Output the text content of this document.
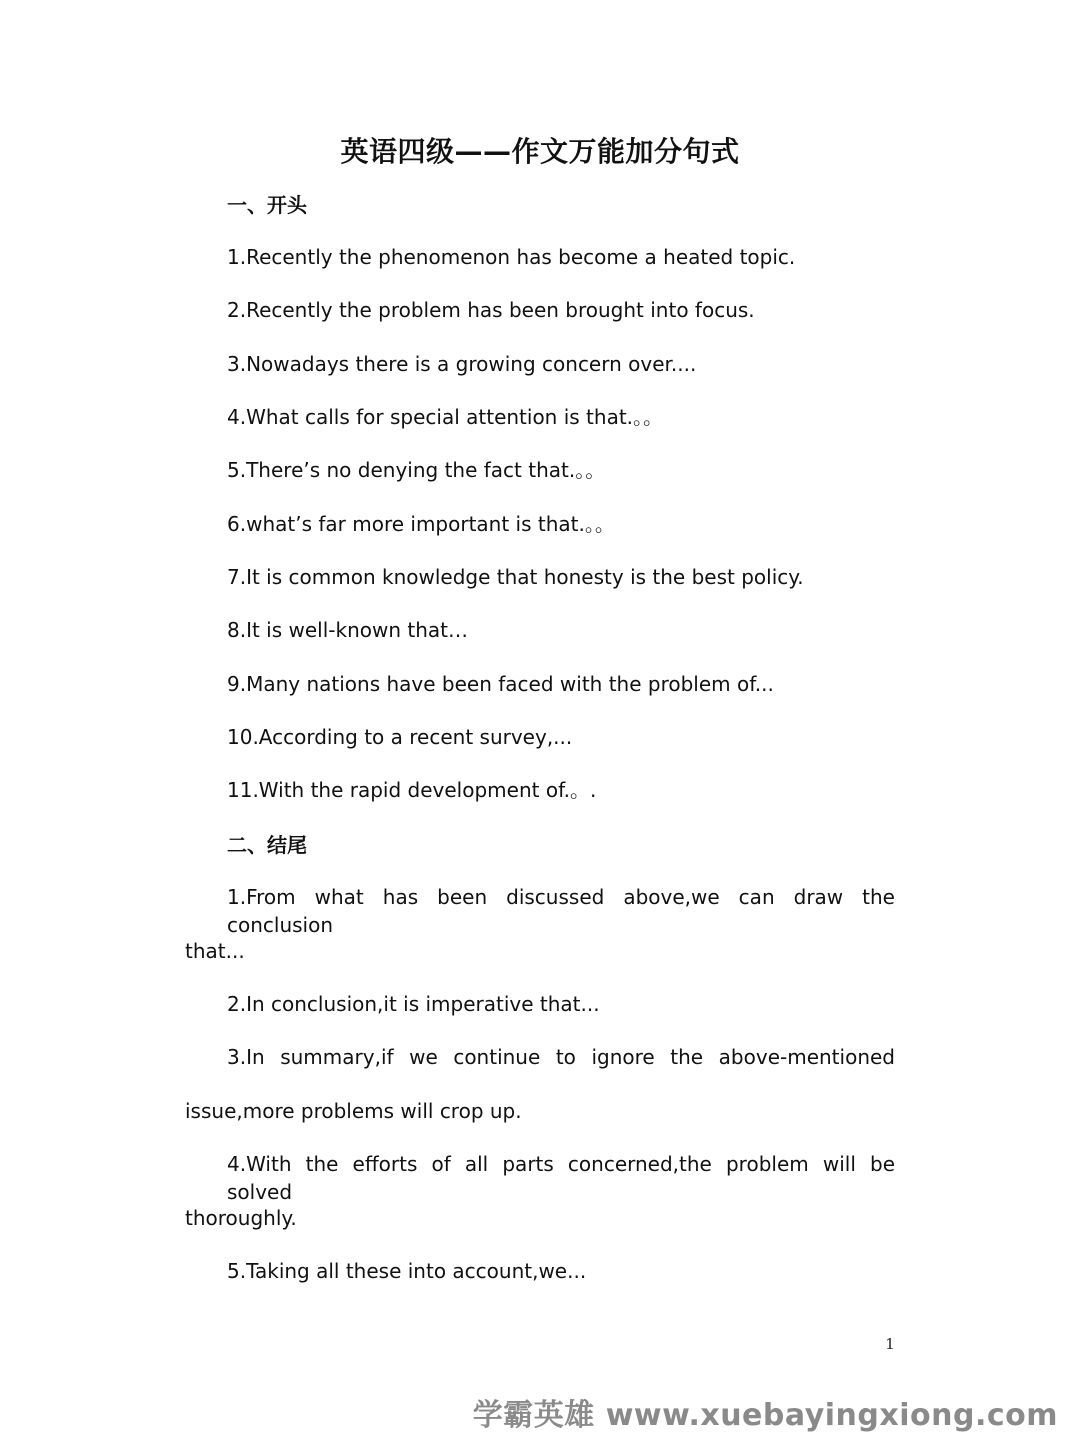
英语四级——作文万能加分句式
一、开头
1.Recently the phenomenon has become a heated topic.
2.Recently the problem has been brought into focus.
3.Nowadays there is a growing concern over....
4.What calls for special attention is that.。。
5.There’s no denying the fact that.。。
6.what’s far more important is that.。。
7.It is common knowledge that honesty is the best policy.
8.It is well-known that…
9.Many nations have been faced with the problem of...
10.According to a recent survey,...
11.With the rapid development of.。.
二、结尾
1.From what has been discussed above,we can draw the conclusion
that...
2.In conclusion,it is imperative that...
3.In summary,if we continue to ignore the above-mentioned
issue,more problems will crop up.
4.With the efforts of all parts concerned,the problem will be solved
thoroughly.
5.Taking all these into account,we...
1
学霸英雄 www.xuebayingxiong.com
